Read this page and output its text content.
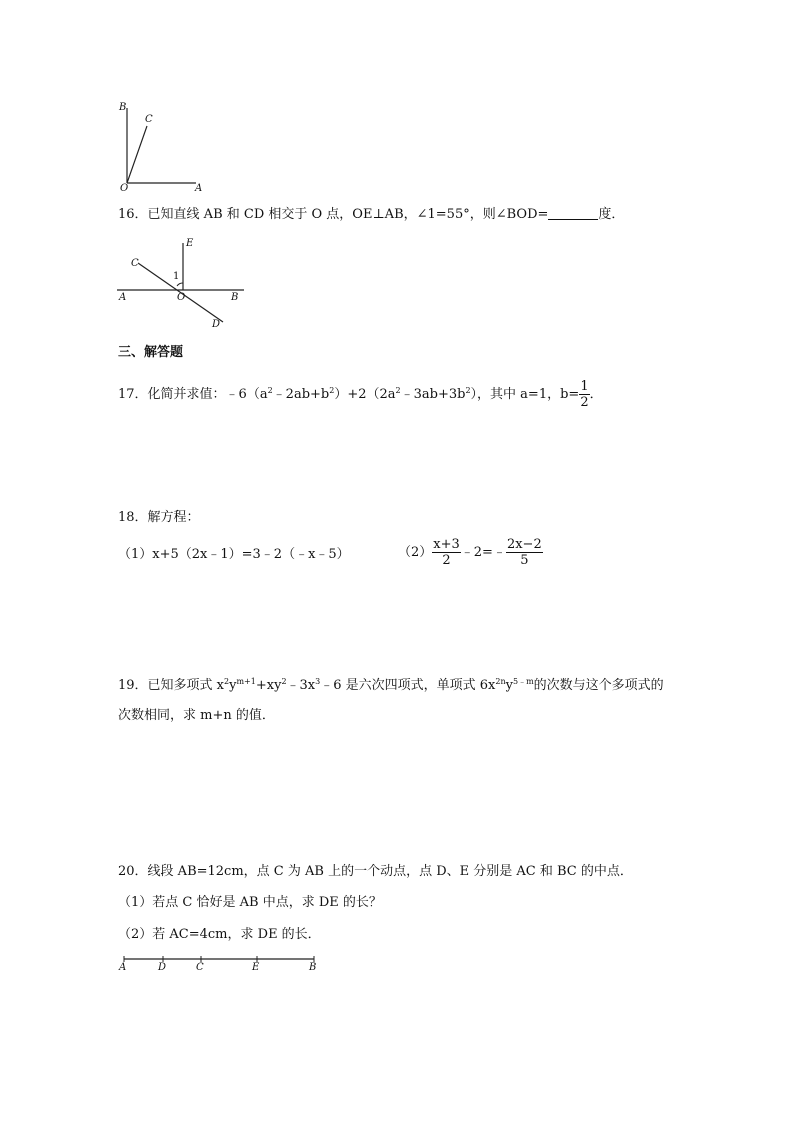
B
C
O	A
16．已知直线 AB 和 CD 相交于 O 点，OE⊥AB，∠1=55°，则∠BOD=	度．
E
C
1
A	O	B
D
三、解答题
17．化简并求值：$﹣6(a^2﹣2ab+b^2)+2(2a^2﹣3ab+3b^2)$，其中 a=1，$b= \frac{1}{2}$ ．
18．解方程：
（1）x+5（2x﹣1）=3﹣2（﹣x﹣5）	$(2) \frac{x+3}{2}$ ﹣2=﹣ $\frac{2x-2}{5}$
19．已知多项式 $x^2y^{m+1}+xy^2﹣3x^3﹣6$ 是六次四项式，单项式 $6x^{2n}y^{5﹣m}$的次数与这个多项式的
次数相同，求 m+n 的值．
20．线段 AB=12cm，点 C 为 AB 上的一个动点，点 D、E 分别是 AC 和 BC 的中点．
（1）若点 C 恰好是 AB 中点，求 DE 的长？
（2）若 AC=4cm，求 DE 的长．
A	D	C	E	B
